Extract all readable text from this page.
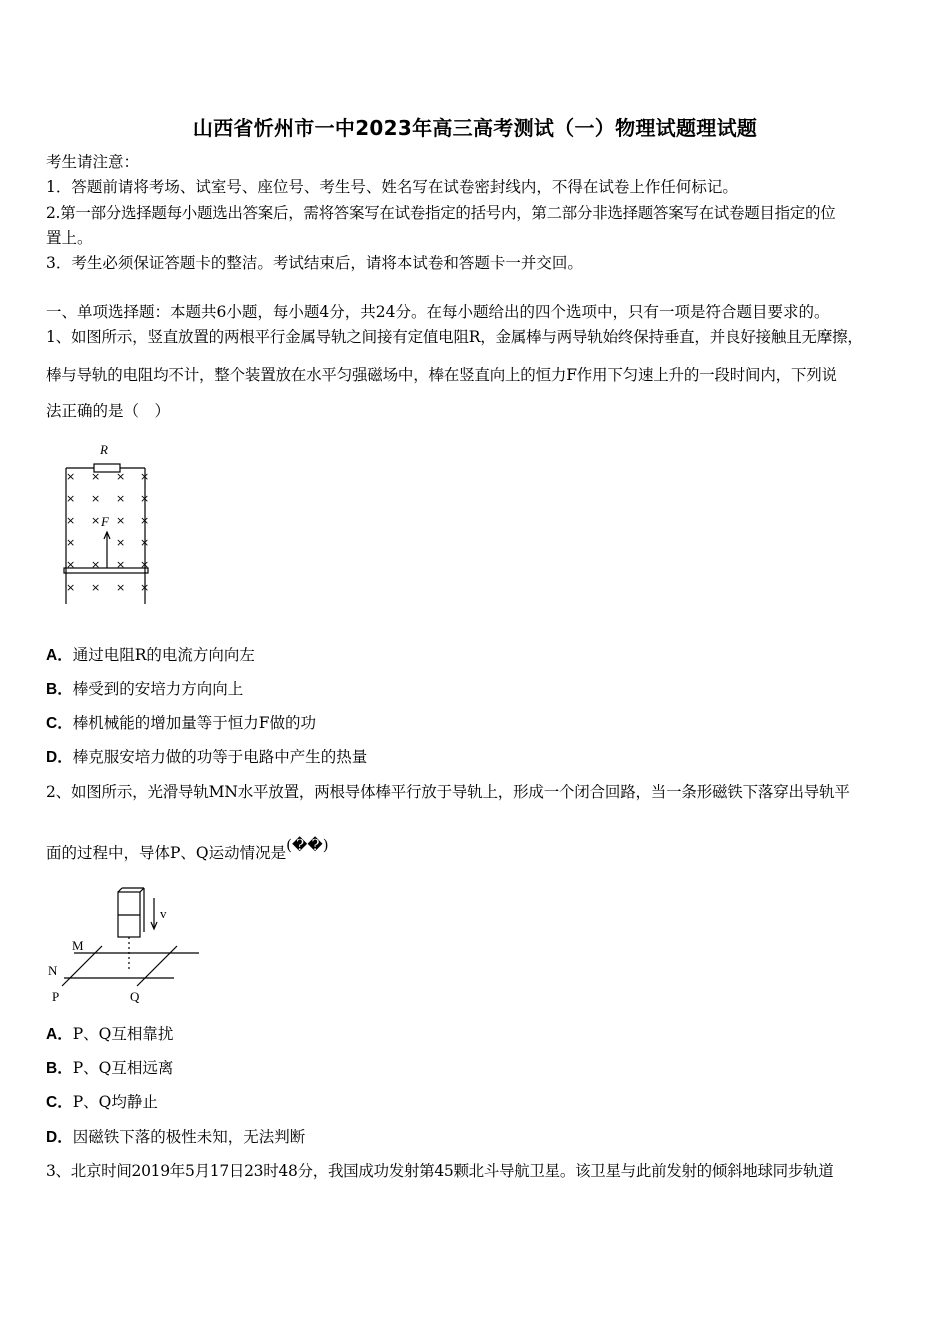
山西省忻州市一中2023年高三高考测试（一）物理试题理试题
考生请注意：
1．答题前请将考场、试室号、座位号、考生号、姓名写在试卷密封线内，不得在试卷上作任何标记。
2.第一部分选择题每小题选出答案后，需将答案写在试卷指定的括号内，第二部分非选择题答案写在试卷题目指定的位
置上。
3．考生必须保证答题卡的整洁。考试结束后，请将本试卷和答题卡一并交回。
一、单项选择题：本题共6小题，每小题4分，共24分。在每小题给出的四个选项中，只有一项是符合题目要求的。
1、如图所示，竖直放置的两根平行金属导轨之间接有定值电阻R，金属棒与两导轨始终保持垂直，并良好接触且无摩擦，
棒与导轨的电阻均不计，整个装置放在水平匀强磁场中，棒在竖直向上的恒力F作用下匀速上升的一段时间内，下列说
法正确的是（　）
R
F
× × × ×
× × × ×
× × × ×
×	× ×
× × × ×
× × × ×
A．通过电阻R的电流方向向左
B．棒受到的安培力方向向上
C．棒机械能的增加量等于恒力F做的功
D．棒克服安培力做的功等于电路中产生的热量
2、如图所示，光滑导轨MN水平放置，两根导体棒平行放于导轨上，形成一个闭合回路，当一条形磁铁下落穿出导轨平
面的过程中，导体P、Q运动情况是(��)
v
M
N
P	Q
A．P、Q互相靠扰
B．P、Q互相远离
C．P、Q均静止
D．因磁铁下落的极性未知，无法判断
3、北京时间2019年5月17日23时48分，我国成功发射第45颗北斗导航卫星。该卫星与此前发射的倾斜地球同步轨道
